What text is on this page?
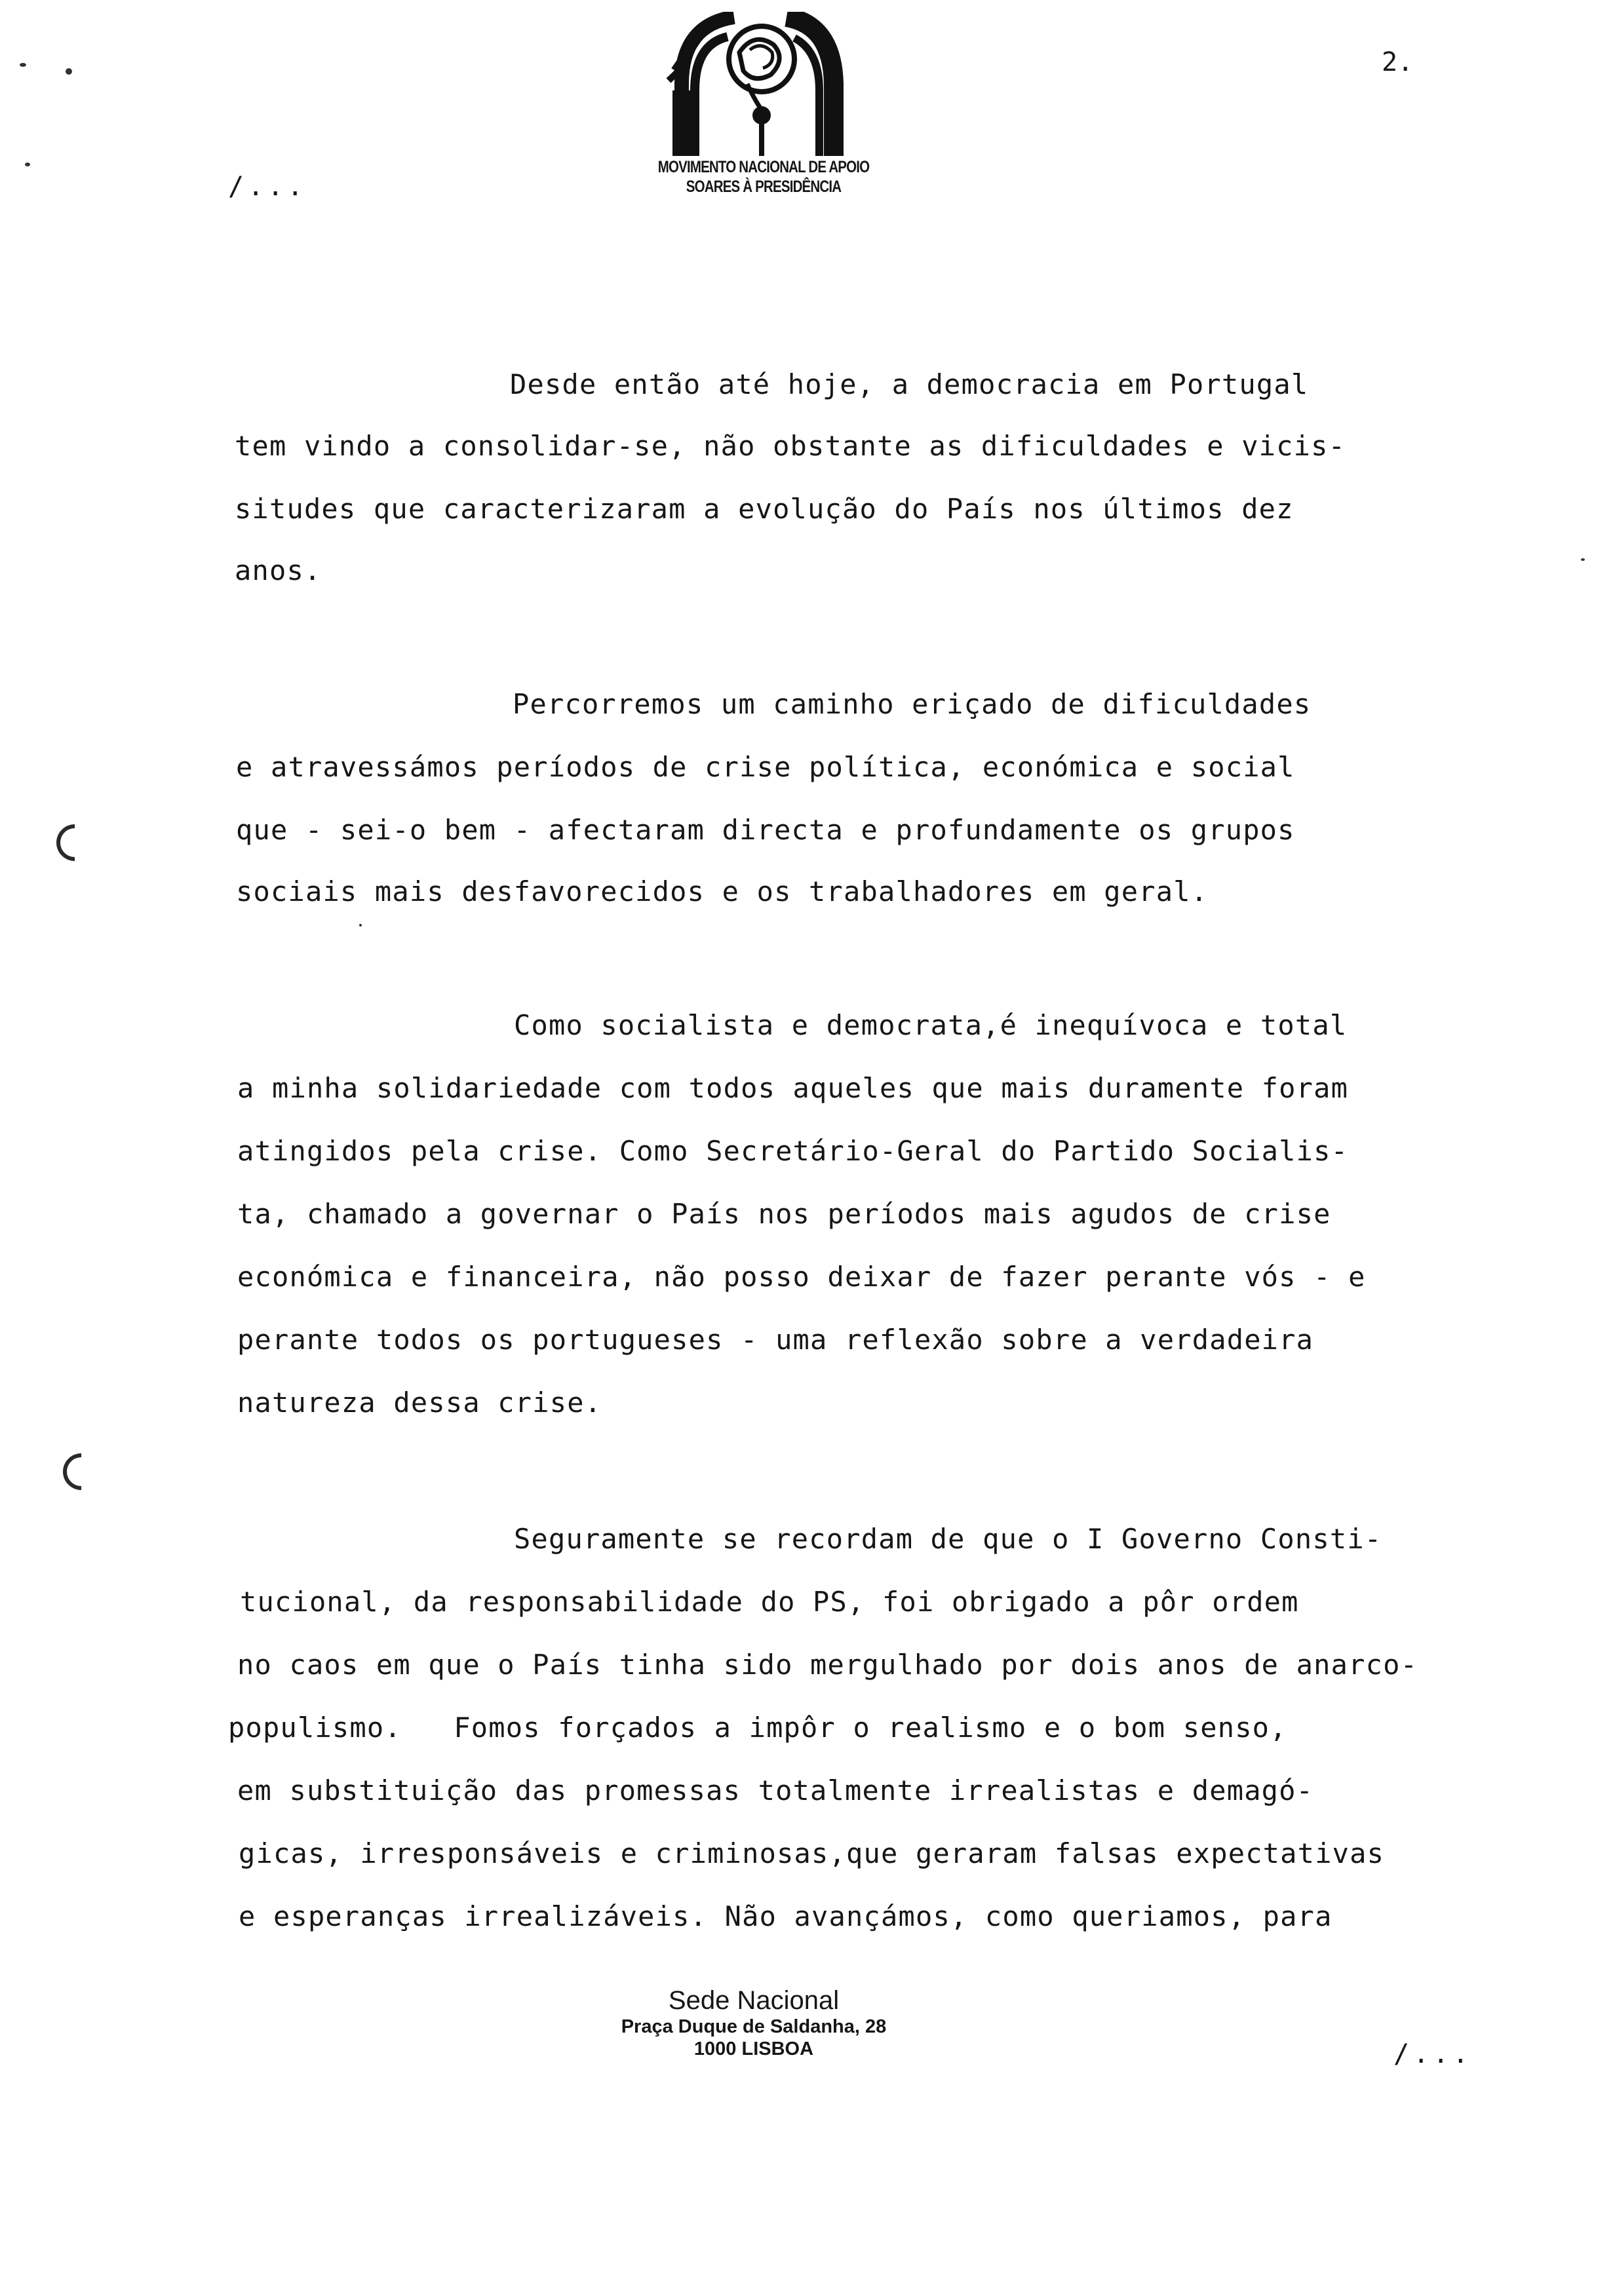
2.
/...
MOVIMENTO NACIONAL DE APOIO
SOARES À PRESIDÊNCIA
Desde então até hoje, a democracia em Portugal
tem vindo a consolidar-se, não obstante as dificuldades e vicis-
situdes que caracterizaram a evolução do País nos últimos dez
anos.
Percorremos um caminho eriçado de dificuldades
e atravessámos períodos de crise política, económica e social
que - sei-o bem - afectaram directa e profundamente os grupos
sociais mais desfavorecidos e os trabalhadores em geral.
Como socialista e democrata,é inequívoca e total
a minha solidariedade com todos aqueles que mais duramente foram
atingidos pela crise. Como Secretário-Geral do Partido Socialis-
ta, chamado a governar o País nos períodos mais agudos de crise
económica e financeira, não posso deixar de fazer perante vós - e
perante todos os portugueses - uma reflexão sobre a verdadeira
natureza dessa crise.
Seguramente se recordam de que o I Governo Consti-
tucional, da responsabilidade do PS, foi obrigado a pôr ordem
no caos em que o País tinha sido mergulhado por dois anos de anarco-
populismo.   Fomos forçados a impôr o realismo e o bom senso,
em substituição das promessas totalmente irrealistas e demagó-
gicas, irresponsáveis e criminosas,que geraram falsas expectativas
e esperanças irrealizáveis. Não avançámos, como queriamos, para
Sede Nacional
Praça Duque de Saldanha, 28
1000 LISBOA	/...
